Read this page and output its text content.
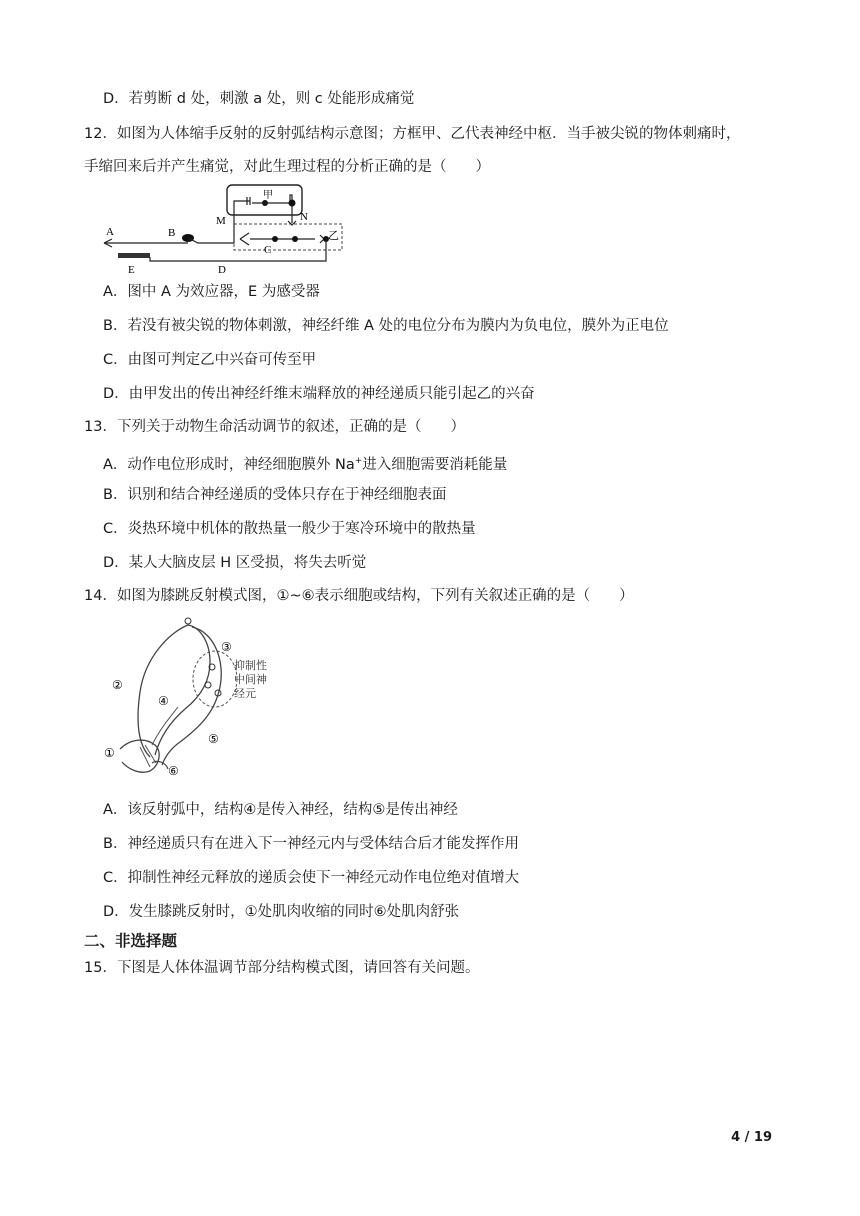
D．若剪断 d 处，刺激 a 处，则 c 处能形成痛觉
12．如图为人体缩手反射的反射弧结构示意图；方框甲、乙代表神经中枢．当手被尖锐的物体刺痛时，
手缩回来后并产生痛觉，对此生理过程的分析正确的是（　　）
A	B
甲
M	N
C
乙
E	D
A．图中 A 为效应器，E 为感受器
B．若没有被尖锐的物体刺激，神经纤维 A 处的电位分布为膜内为负电位，膜外为正电位
C．由图可判定乙中兴奋可传至甲
D．由甲发出的传出神经纤维末端释放的神经递质只能引起乙的兴奋
13．下列关于动物生命活动调节的叙述，正确的是（　　）
A．动作电位形成时，神经细胞膜外 Na+进入细胞需要消耗能量
B．识别和结合神经递质的受体只存在于神经细胞表面
C．炎热环境中机体的散热量一般少于寒冷环境中的散热量
D．某人大脑皮层 H 区受损，将失去听觉
14．如图为膝跳反射模式图，①~⑥表示细胞或结构，下列有关叙述正确的是（　　）
③
②
④
⑤
①
⑥
抑制性
中间神
经元
A．该反射弧中，结构④是传入神经，结构⑤是传出神经
B．神经递质只有在进入下一神经元内与受体结合后才能发挥作用
C．抑制性神经元释放的递质会使下一神经元动作电位绝对值增大
D．发生膝跳反射时，①处肌肉收缩的同时⑥处肌肉舒张
二、非选择题
15．下图是人体体温调节部分结构模式图，请回答有关问题。
4 / 19
